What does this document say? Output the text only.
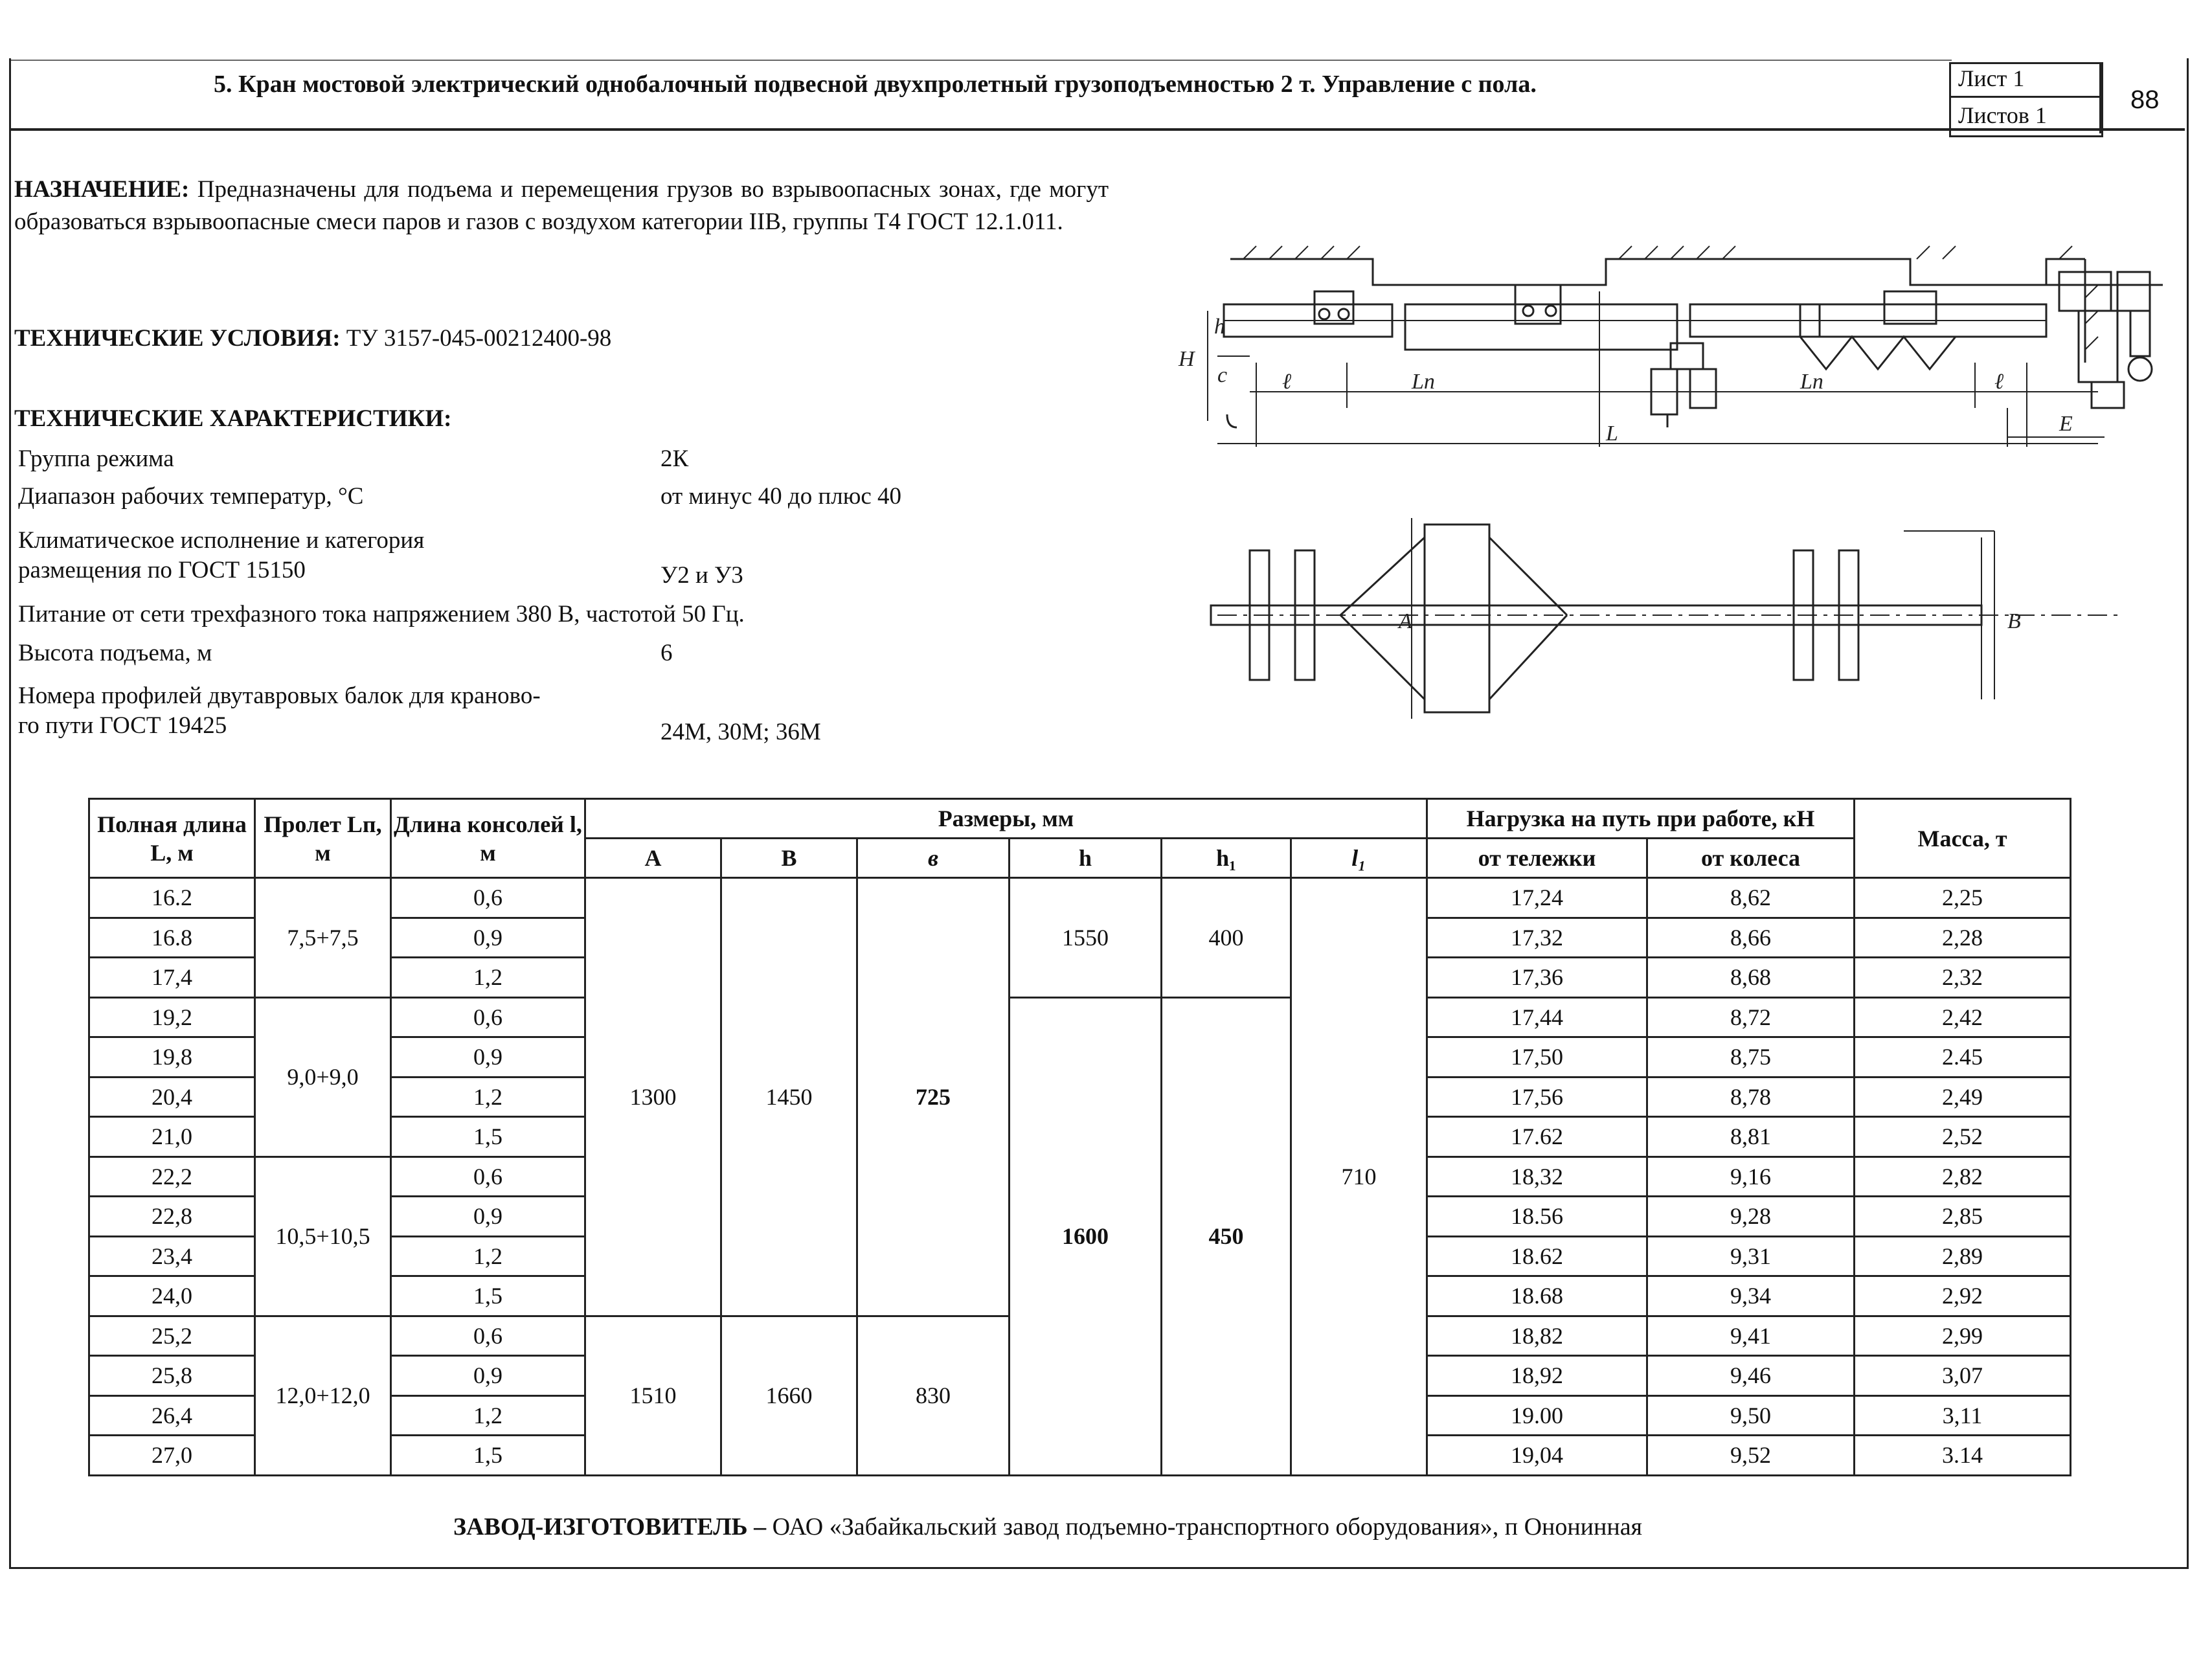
5. Кран мостовой электрический однобалочный подвесной двухпролетный грузоподъемностью 2 т. Управление с пола.	Лист 1
Листов 1
88
НАЗНАЧЕНИЕ: Предназначены для подъема и перемещения грузов во взрывоопасных зонах, где могут образоваться взрывоопасные смеси паров и газов с воздухом категории IIB, группы Т4 ГОСТ 12.1.011.
ТЕХНИЧЕСКИЕ УСЛОВИЯ: ТУ 3157-045-00212400-98
ТЕХНИЧЕСКИЕ ХАРАКТЕРИСТИКИ:
Группа режима	2К
Диапазон рабочих температур, °С	от минус 40 до плюс 40
Климатическое исполнение и категория
размещения по ГОСТ 15150	У2 и У3
Питание от сети трехфазного тока напряжением 380 В, частотой 50 Гц.
Высота подъема, м	6
Номера профилей двутавровых балок для краново-
го пути ГОСТ 19425	24М, 30М; 36М
H
h
c ℓ	Lп	Lп	ℓ
L	E
B
A
Полная длина L, м	Пролет Lп, м	Длина консолей l, м	Размеры, мм						Нагрузка на путь при работе, кН		Масса, т
			A	B	в	h	h₁	l₁	от тележки	от колеса	
16.2	7,5+7,5	0,6	1300	1450	725	1550	400	710	17,24	8,62	2,25
16.8		0,9							17,32	8,66	2,28
17,4		1,2							17,36	8,68	2,32
19,2	9,0+9,0	0,6				1600	450		17,44	8,72	2,42
19,8		0,9							17,50	8,75	2.45
20,4		1,2							17,56	8,78	2,49
21,0		1,5							17.62	8,81	2,52
22,2	10,5+10,5	0,6							18,32	9,16	2,82
22,8		0,9							18.56	9,28	2,85
23,4		1,2							18.62	9,31	2,89
24,0		1,5							18.68	9,34	2,92
25,2	12,0+12,0	0,6	1510	1660	830				18,82	9,41	2,99
25,8		0,9							18,92	9,46	3,07
26,4		1,2							19.00	9,50	3,11
27,0		1,5							19,04	9,52	3.14
ЗАВОД-ИЗГОТОВИТЕЛЬ – ОАО «Забайкальский завод подъемно-транспортного оборудования», п Ононинная
